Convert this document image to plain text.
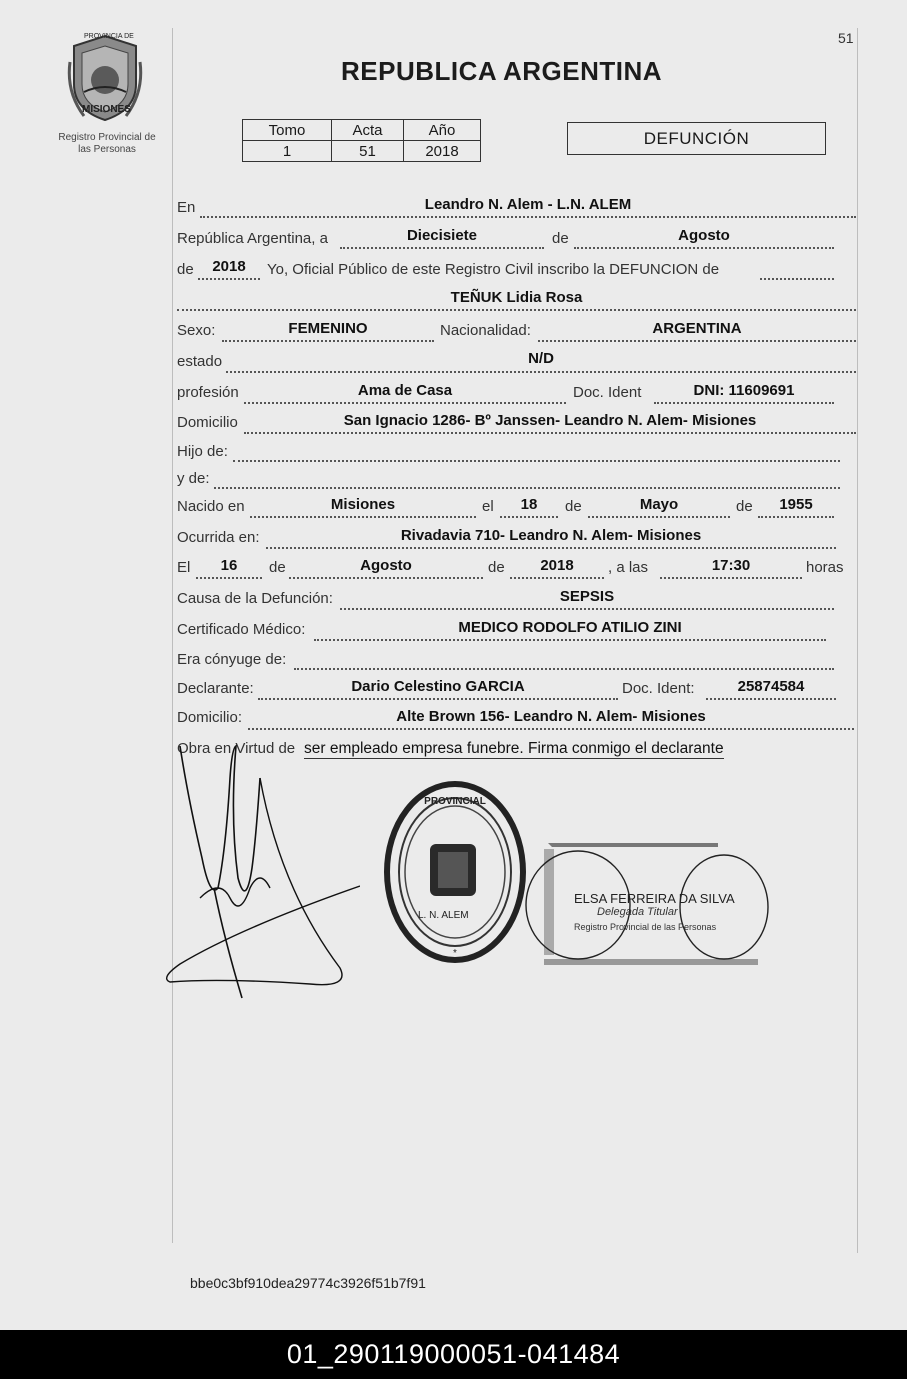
51
PROVINCIA DE
MISIONES
Registro Provincial de
las Personas
REPUBLICA ARGENTINA
Tomo	Acta	Año
1	51	2018
DEFUNCIÓN
En	Leandro N. Alem - L.N. ALEM
República Argentina, a	Diecisiete	de	Agosto
de	2018	Yo, Oficial Público de este Registro Civil inscribo la DEFUNCION de
TEÑUK Lidia Rosa
Sexo:	FEMENINO	Nacionalidad:	ARGENTINA
estado	N/D
profesión	Ama de Casa	Doc. Ident	DNI: 11609691
Domicilio	San Ignacio 1286- Bº Janssen- Leandro N. Alem- Misiones
Hijo de:
y de:
Nacido en	Misiones	el	18	de	Mayo	de	1955
Ocurrida en:	Rivadavia 710- Leandro N. Alem- Misiones
El	16	de	Agosto	de	2018	, a las	17:30	horas
Causa de la Defunción:	SEPSIS
Certificado Médico:	MEDICO RODOLFO ATILIO ZINI
Era cónyuge de:
Declarante:	Dario Celestino GARCIA	Doc. Ident:	25874584
Domicilio:	Alte Brown 156- Leandro N. Alem- Misiones
Obra en Virtud de ser empleado empresa funebre. Firma conmigo el declarante
PROVINCIAL
*
L. N. ALEM
ELSA FERREIRA DA SILVA
Delegada Titular
Registro Provincial de las Personas
bbe0c3bf910dea29774c3926f51b7f91
01_290119000051-041484
